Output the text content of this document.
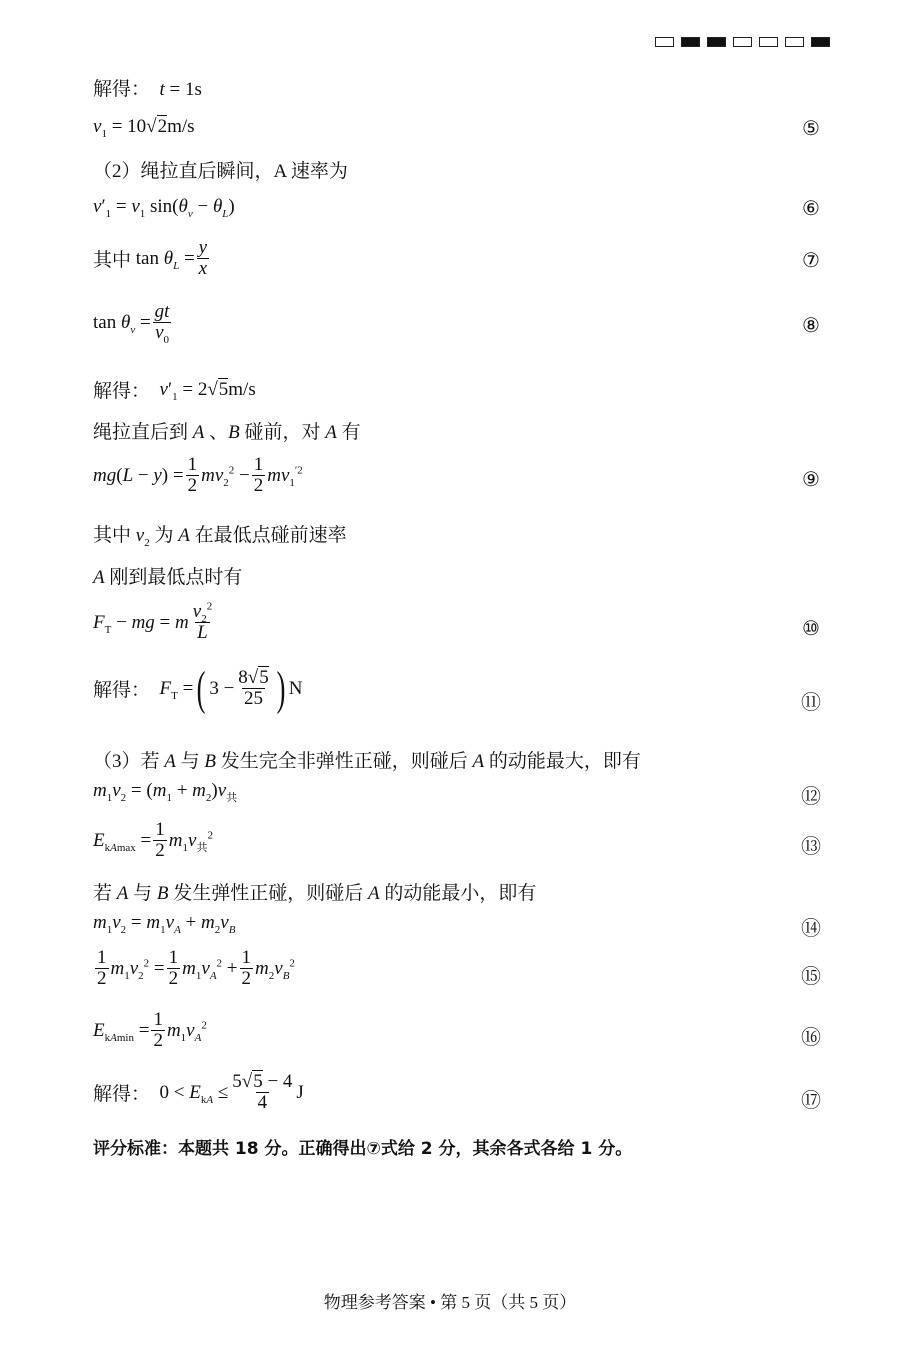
解得：  t = 1s
$v_1 = 10√2m/s$	⑤
（2）绳拉直后瞬间，A 速率为
$v'_1 = v_1$ $\sin(\theta_v - \theta_L)$	⑥
其中 $\tan \theta_L = \frac{y}{x}$	⑦
$\tan \theta_v = \frac{gt}{v_0}$	⑧
解得： $v'_1 = 2√5m/s$
绳拉直后到 A 、B 碰前，对 A 有
$mg(L - y) = \frac{1}{2} mv_2^2 - \frac{1}{2} mv_1^{'2}$	⑨
其中 $v_2$ 为 A 在最低点碰前速率
A 刚到最低点时有
$F_T$ − mg = m $\frac{v_2^2}{L}$	⑩
解得： $F_T$ = ( $3 - \frac{8√5}{25}$ ) N
⑪
（3）若 A 与 B 发生完全非弹性正碰，则碰后 A 的动能最大，即有
$m_1v_2 = (m_1 + m_2)v_共$	⑫
$E_{kAmax} = \frac{1}{2} m_1v_共^2$
⑬
若 A 与 B 发生弹性正碰，则碰后 A 的动能最小，即有
$m_1v_2 = m_1v_A + m_2v_B$	⑭
$\frac{1}{2} m_1v_2^2 = \frac{1}{2} m_1v_A^2 + \frac{1}{2} m_2v_B^2$
⑮
$E_{kAmin} = \frac{1}{2} m_1v_A^2$
⑯
解得： $0 < E_{kA} \le \frac{5√5 - 4}{4}$ J	⑰
评分标准：本题共 18 分。正确得出⑦式给 2 分，其余各式各给 1 分。
物理参考答案 • 第 5 页（共 5 页）
